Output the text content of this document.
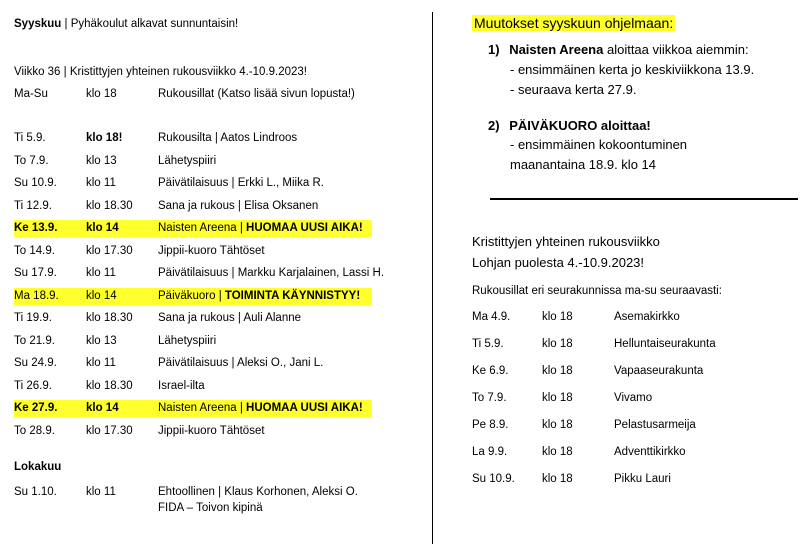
Syyskuu | Pyhäkoulut alkavat sunnuntaisin!
Viikko 36 | Kristittyjen yhteinen rukousviikko 4.-10.9.2023!
Ma-Su	klo 18	Rukousillat (Katso lisää sivun lopusta!)
Ti 5.9.	klo 18!	Rukousilta | Aatos Lindroos
To 7.9.	klo 13	Lähetyspiiri
Su 10.9.	klo 11	Päivätilaisuus | Erkki L., Miika R.
Ti 12.9.	klo 18.30 Sana ja rukous | Elisa Oksanen
Ke 13.9. klo 14	Naisten Areena | HUOMAA UUSI AIKA!
To 14.9.	klo 17.30 Jippii-kuoro Tähtöset
Su 17.9.	klo 11	Päivätilaisuus | Markku Karjalainen, Lassi H.
Ma 18.9. klo 14	Päiväkuoro | TOIMINTA KÄYNNISTYY!
Ti 19.9.	klo 18.30 Sana ja rukous | Auli Alanne
To 21.9.	klo 13	Lähetyspiiri
Su 24.9.	klo 11	Päivätilaisuus | Aleksi O., Jani L.
Ti 26.9.	klo 18.30 Israel-ilta
Ke 27.9. klo 14	Naisten Areena | HUOMAA UUSI AIKA!
To 28.9.	klo 17.30 Jippii-kuoro Tähtöset
Lokakuu
Su 1.10.	klo 11	Ehtoollinen | Klaus Korhonen, Aleksi O.
FIDA – Toivon kipinä
Muutokset syyskuun ohjelmaan:
1) Naisten Areena aloittaa viikkoa aiemmin:
- ensimmäinen kerta jo keskiviikkona 13.9.
- seuraava kerta 27.9.
2) PÄIVÄKUORO aloittaa!
- ensimmäinen kokoontuminen
maanantaina 18.9. klo 14
Kristittyjen yhteinen rukousviikko
Lohjan puolesta 4.-10.9.2023!
Rukousillat eri seurakunnissa ma-su seuraavasti:
Ma 4.9.	klo 18	Asemakirkko
Ti 5.9.	klo 18	Helluntaiseurakunta
Ke 6.9.	klo 18	Vapaaseurakunta
To 7.9.	klo 18	Vivamo
Pe 8.9.	klo 18	Pelastusarmeija
La 9.9.	klo 18	Adventtikirkko
Su 10.9. klo 18	Pikku Lauri
